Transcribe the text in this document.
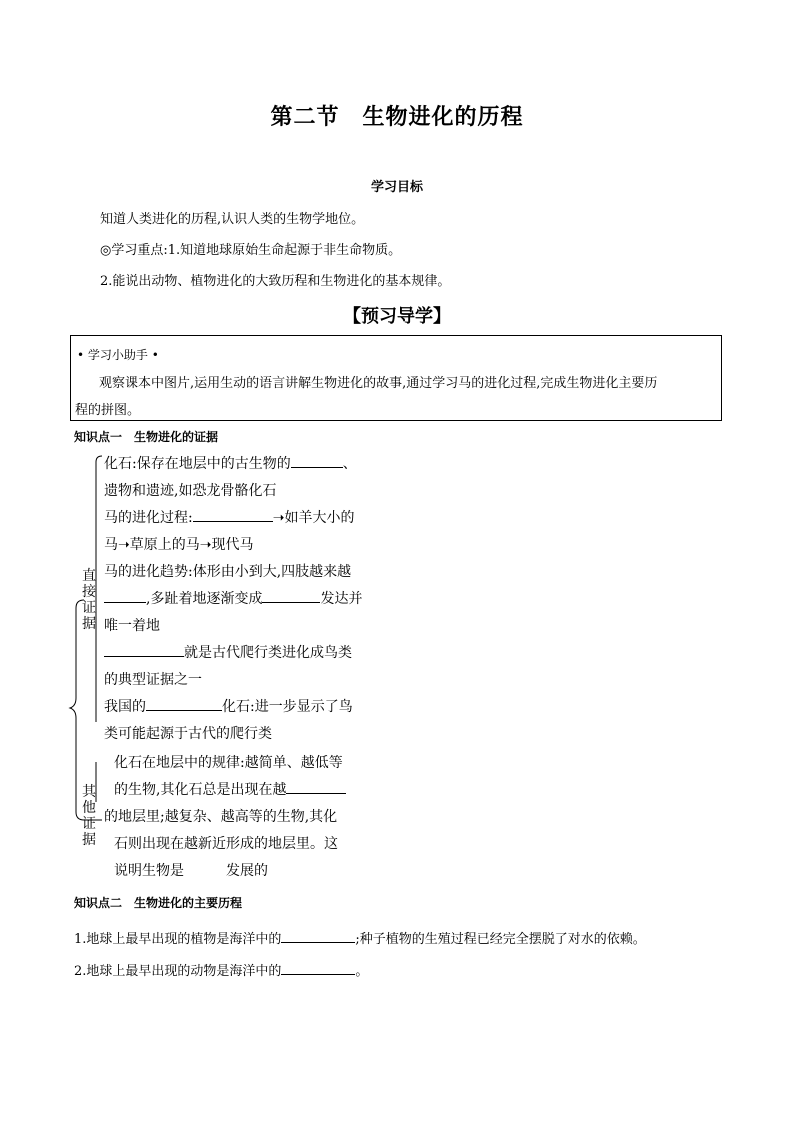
第二节　生物进化的历程
学习目标
知道人类进化的历程,认识人类的生物学地位。
◎学习重点:1.知道地球原始生命起源于非生命物质。
2.能说出动物、植物进化的大致历程和生物进化的基本规律。
【预习导学】
• 学习小助手 •
观察课本中图片,运用生动的语言讲解生物进化的故事,通过学习马的进化过程,完成生物进化主要历
程的拼图。
知识点一　生物进化的证据
直接证据
其他证据
化石:保存在地层中的古生物的	、
遗物和遗迹,如恐龙骨骼化石
马的进化过程:	➝如羊大小的
马➝草原上的马➝现代马
马的进化趋势:体形由小到大,四肢越来越
,多趾着地逐渐变成	发达并
唯一着地
就是古代爬行类进化成鸟类
的典型证据之一
我国的	化石:进一步显示了鸟
类可能起源于古代的爬行类
化石在地层中的规律:越简单、越低等
的生物,其化石总是出现在越
的地层里;越复杂、越高等的生物,其化
石则出现在越新近形成的地层里。这
说明生物是	发展的
知识点二　生物进化的主要历程
1.地球上最早出现的植物是海洋中的	;种子植物的生殖过程已经完全摆脱了对水的依赖。
2.地球上最早出现的动物是海洋中的	。
